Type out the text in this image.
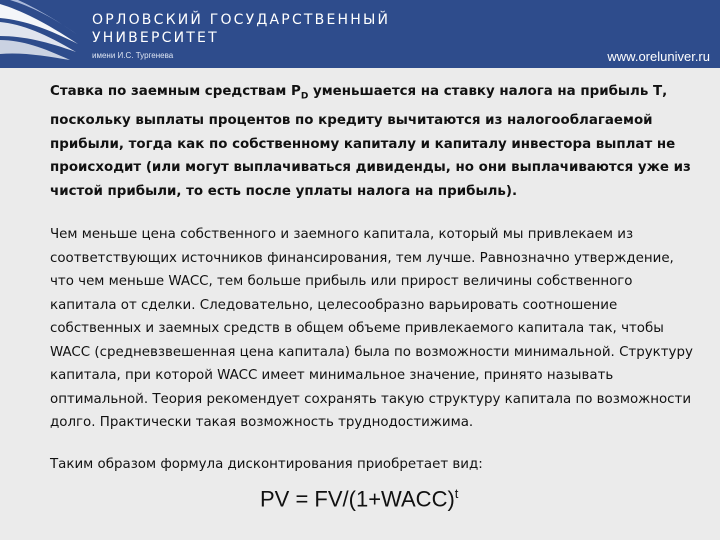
ОРЛОВСКИЙ ГОСУДАРСТВЕННЫЙ
УНИВЕРСИТЕТ
имени И.С. Тургенева	www.oreluniver.ru

Ставка по заемным средствам $P_D$ уменьшается на ставку налога на прибыль Т, поскольку выплаты процентов по кредиту вычитаются из налогооблагаемой прибыли, тогда как по собственному капиталу и капиталу инвестора выплат не происходит (или могут выплачиваться дивиденды, но они выплачиваются уже из чистой прибыли, то есть после уплаты налога на прибыль).

Чем меньше цена собственного и заемного капитала, который мы привлекаем из соответствующих источников финансирования, тем лучше. Равнозначно утверждение, что чем меньше WACC, тем больше прибыль или прирост величины собственного капитала от сделки. Следовательно, целесообразно варьировать соотношение собственных и заемных средств в общем объеме привлекаемого капитала так, чтобы WACC (средневзвешенная цена капитала) была по возможности минимальной. Структуру капитала, при которой WACC имеет минимальное значение, принято называть оптимальной. Теория рекомендует сохранять такую структуру капитала по возможности долго. Практически такая возможность труднодостижима.

Таким образом формула дисконтирования приобретает вид:

PV = FV/(1+WACC)$^t$
